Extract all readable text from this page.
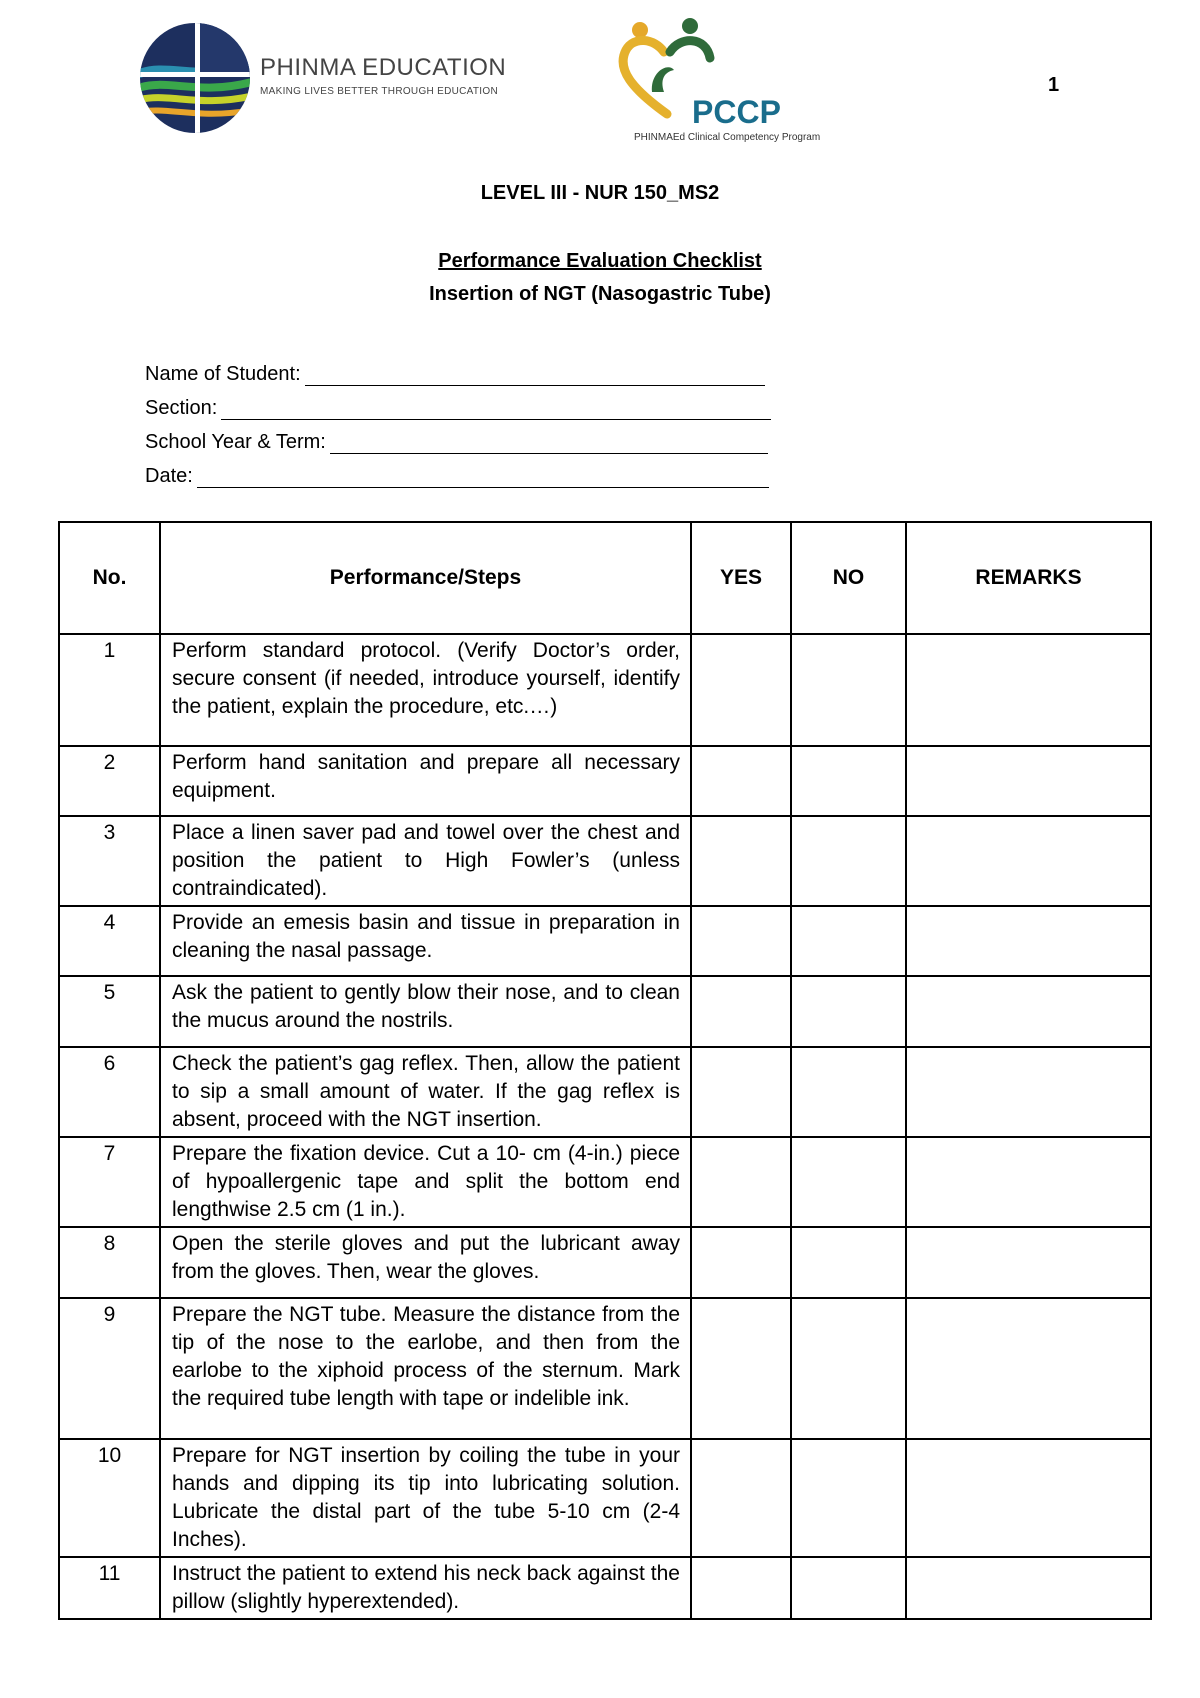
1
PHINMA EDUCATION
MAKING LIVES BETTER THROUGH EDUCATION
PCCP
PHINMAEd Clinical Competency Program
LEVEL III - NUR 150_MS2
Performance Evaluation Checklist
Insertion of NGT (Nasogastric Tube)
Name of Student:
Section:
School Year & Term:
Date:
No.	Performance/Steps	YES	NO	REMARKS
1	Perform standard protocol. (Verify Doctor’s order, secure consent (if needed, introduce yourself, identify the patient, explain the procedure, etc.…)			
2	Perform hand sanitation and prepare all necessary equipment.			
3	Place a linen saver pad and towel over the chest and position the patient to High Fowler’s (unless contraindicated).			
4	Provide an emesis basin and tissue in preparation in cleaning the nasal passage.			
5	Ask the patient to gently blow their nose, and to clean the mucus around the nostrils.			
6	Check the patient’s gag reflex. Then, allow the patient to sip a small amount of water. If the gag reflex is absent, proceed with the NGT insertion.			
7	Prepare the fixation device. Cut a 10- cm (4-in.) piece of hypoallergenic tape and split the bottom end lengthwise 2.5 cm (1 in.).			
8	Open the sterile gloves and put the lubricant away from the gloves. Then, wear the gloves.			
9	Prepare the NGT tube. Measure the distance from the tip of the nose to the earlobe, and then from the earlobe to the xiphoid process of the sternum. Mark the required tube length with tape or indelible ink.			
10	Prepare for NGT insertion by coiling the tube in your hands and dipping its tip into lubricating solution. Lubricate the distal part of the tube 5-10 cm (2-4 Inches).			
11	Instruct the patient to extend his neck back against the pillow (slightly hyperextended).			
